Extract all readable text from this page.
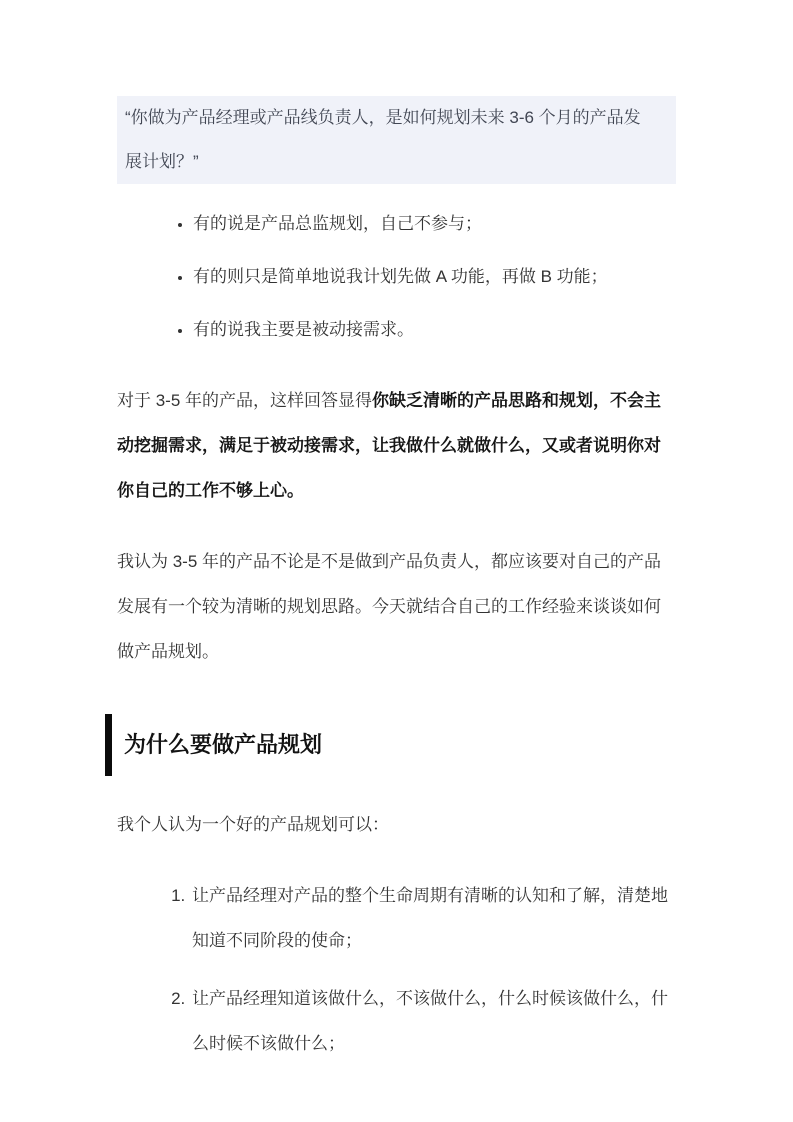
“你做为产品经理或产品线负责人，是如何规划未来 3-6 个月的产品发展计划？”
• 有的说是产品总监规划，自己不参与；
• 有的则只是简单地说我计划先做 A 功能，再做 B 功能；
• 有的说我主要是被动接需求。

对于 3-5 年的产品，这样回答显得你缺乏清晰的产品思路和规划，不会主动挖掘需求，满足于被动接需求，让我做什么就做什么，又或者说明你对你自己的工作不够上心。

我认为 3-5 年的产品不论是不是做到产品负责人，都应该要对自己的产品发展有一个较为清晰的规划思路。今天就结合自己的工作经验来谈谈如何做产品规划。

为什么要做产品规划

我个人认为一个好的产品规划可以：

1. 让产品经理对产品的整个生命周期有清晰的认知和了解，清楚地知道不同阶段的使命；
2. 让产品经理知道该做什么，不该做什么，什么时候该做什么，什么时候不该做什么；
